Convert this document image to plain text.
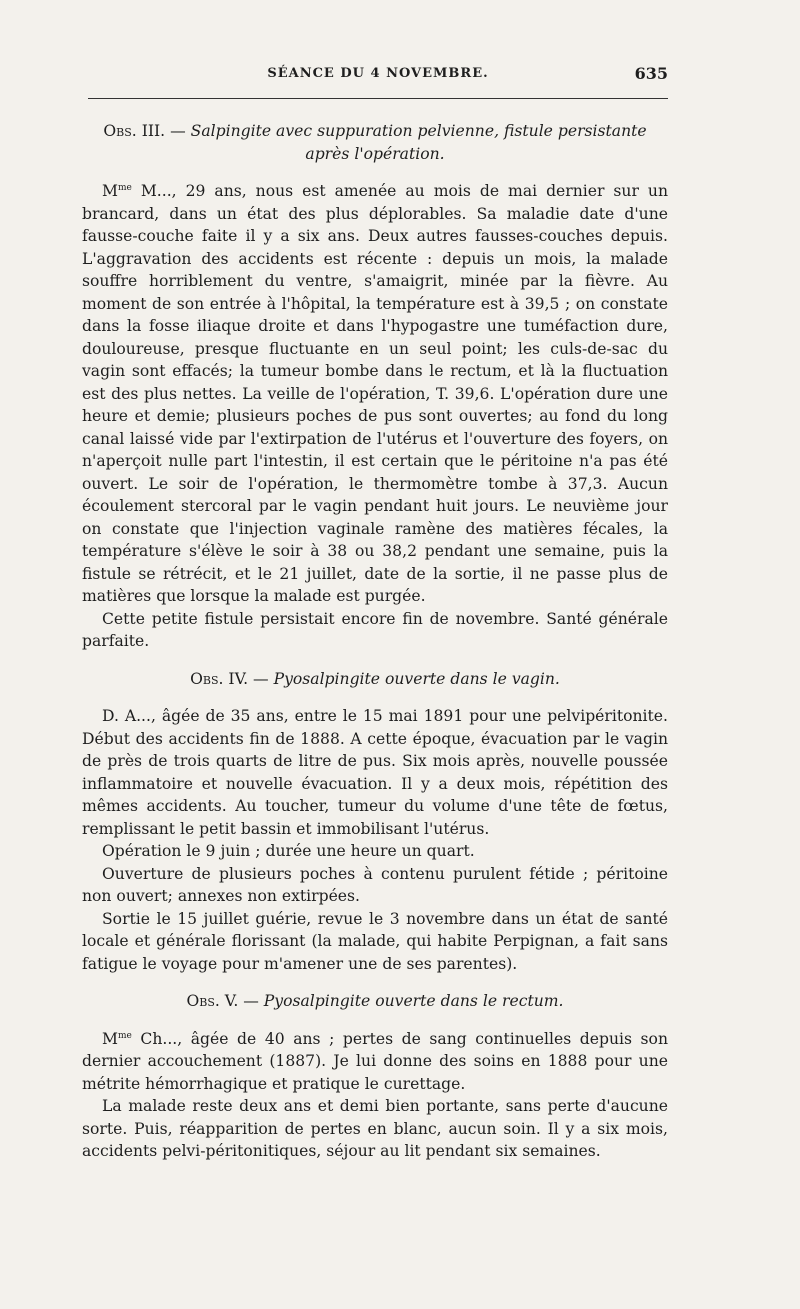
SÉANCE DU 4 NOVEMBRE.	635
Obs. III. — Salpingite avec suppuration pelvienne, fistule persistante
après l'opération.

$M^{me}$ M..., 29 ans, nous est amenée au mois de mai dernier sur un brancard, dans un état des plus déplorables. Sa maladie date d'une fausse-couche faite il y a six ans. Deux autres fausses-couches depuis. L'aggravation des accidents est récente : depuis un mois, la malade souffre horriblement du ventre, s'amaigrit, minée par la fièvre. Au moment de son entrée à l'hôpital, la température est à 39,5 ; on constate dans la fosse iliaque droite et dans l'hypogastre une tuméfaction dure, douloureuse, presque fluctuante en un seul point; les culs-de-sac du vagin sont effacés; la tumeur bombe dans le rectum, et là la fluctuation est des plus nettes. La veille de l'opération, T. 39,6. L'opération dure une heure et demie; plusieurs poches de pus sont ouvertes; au fond du long canal laissé vide par l'extirpation de l'utérus et l'ouverture des foyers, on n'aperçoit nulle part l'intestin, il est certain que le péritoine n'a pas été ouvert. Le soir de l'opération, le thermomètre tombe à 37,3. Aucun écoulement stercoral par le vagin pendant huit jours. Le neuvième jour on constate que l'injection vaginale ramène des matières fécales, la température s'élève le soir à 38 ou 38,2 pendant une semaine, puis la fistule se rétrécit, et le 21 juillet, date de la sortie, il ne passe plus de matières que lorsque la malade est purgée.

Cette petite fistule persistait encore fin de novembre. Santé générale parfaite.

Obs. IV. — Pyosalpingite ouverte dans le vagin.

D. A..., âgée de 35 ans, entre le 15 mai 1891 pour une pelvipéritonite. Début des accidents fin de 1888. A cette époque, évacuation par le vagin de près de trois quarts de litre de pus. Six mois après, nouvelle poussée inflammatoire et nouvelle évacuation. Il y a deux mois, répétition des mêmes accidents. Au toucher, tumeur du volume d'une tête de fœtus, remplissant le petit bassin et immobilisant l'utérus.

Opération le 9 juin ; durée une heure un quart.

Ouverture de plusieurs poches à contenu purulent fétide ; péritoine non ouvert; annexes non extirpées.

Sortie le 15 juillet guérie, revue le 3 novembre dans un état de santé locale et générale florissant (la malade, qui habite Perpignan, a fait sans fatigue le voyage pour m'amener une de ses parentes).

Obs. V. — Pyosalpingite ouverte dans le rectum.

$M^{me}$ Ch..., âgée de 40 ans ; pertes de sang continuelles depuis son dernier accouchement (1887). Je lui donne des soins en 1888 pour une métrite hémorrhagique et pratique le curettage.

La malade reste deux ans et demi bien portante, sans perte d'aucune sorte. Puis, réapparition de pertes en blanc, aucun soin. Il y a six mois, accidents pelvi-péritonitiques, séjour au lit pendant six semaines.
